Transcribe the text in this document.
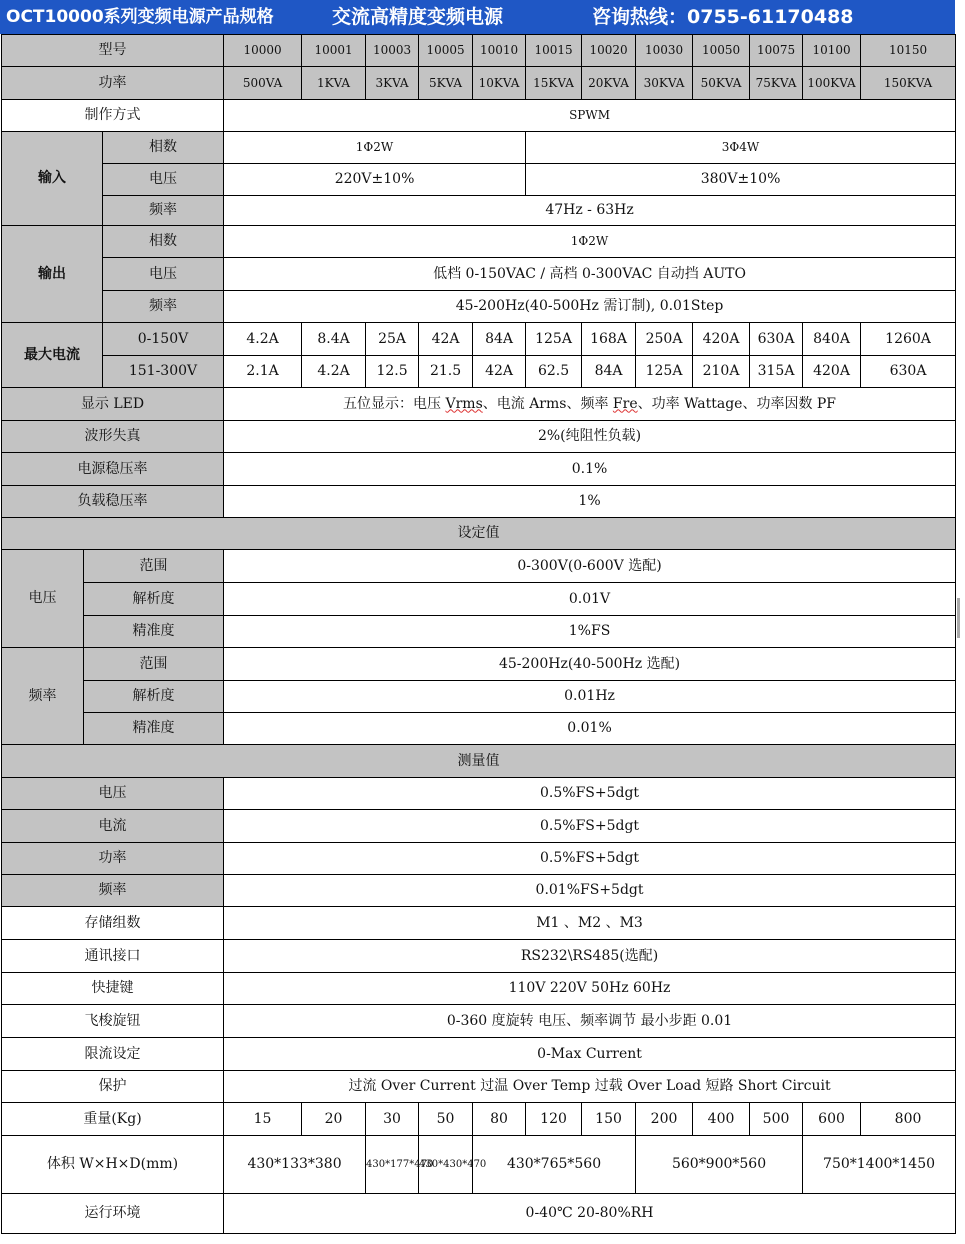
OCT10000系列变频电源产品规格	交流高精度变频电源	咨询热线：0755-61170488
型号			10000	10001	10003	10005	10010	10015	10020	10030	10050	10075	10100	10150
功率			500VA	1KVA	3KVA	5KVA	10KVA	15KVA	20KVA	30KVA	50KVA	75KVA	100KVA	150KVA
制作方式			SPWM											
输入		相数	1Φ2W					3Φ4W						
		电压	220V±10%					380V±10%						
		频率	47Hz - 63Hz											
输出		相数	1Φ2W											
		电压	低档 0-150VAC / 高档 0-300VAC 自动挡 AUTO											
		频率	45-200Hz(40-500Hz 需订制), 0.01Step											
最大电流		0-150V	4.2A	8.4A	25A	42A	84A	125A	168A	250A	420A	630A	840A	1260A
		151-300V	2.1A	4.2A	12.5	21.5	42A	62.5	84A	125A	210A	315A	420A	630A
显示 LED			五位显示：电压 Vrms、电流 Arms、频率 Fre、功率 Wattage、功率因数 PF											
波形失真			2%(纯阻性负载)											
电源稳压率			0.1%											
负载稳压率			1%											
设定值														
电压	范围		0-300V(0-600V 选配)											
	解析度		0.01V											
	精准度		1%FS											
频率	范围		45-200Hz(40-500Hz 选配)											
	解析度		0.01Hz											
	精准度		0.01%											
测量值														
电压			0.5%FS+5dgt											
电流			0.5%FS+5dgt											
功率			0.5%FS+5dgt											
频率			0.01%FS+5dgt											
存储组数			M1 、M2 、M3											
通讯接口			RS232\RS485(选配)											
快捷键			110V 220V 50Hz 60Hz											
飞梭旋钮			0-360 度旋转 电压、频率调节 最小步距 0.01											
限流设定			0-Max Current											
保护			过流 Over Current 过温 Over Temp 过载 Over Load 短路 Short Circuit											
重量(Kg)			15	20	30	50	80	120	150	200	400	500	600	800
体积 W×H×D(mm)			430*133*380		430*177*470	430*430*470	430*765*560			560*900*560			750*1400*1450	
运行环境			0-40℃ 20-80%RH											
